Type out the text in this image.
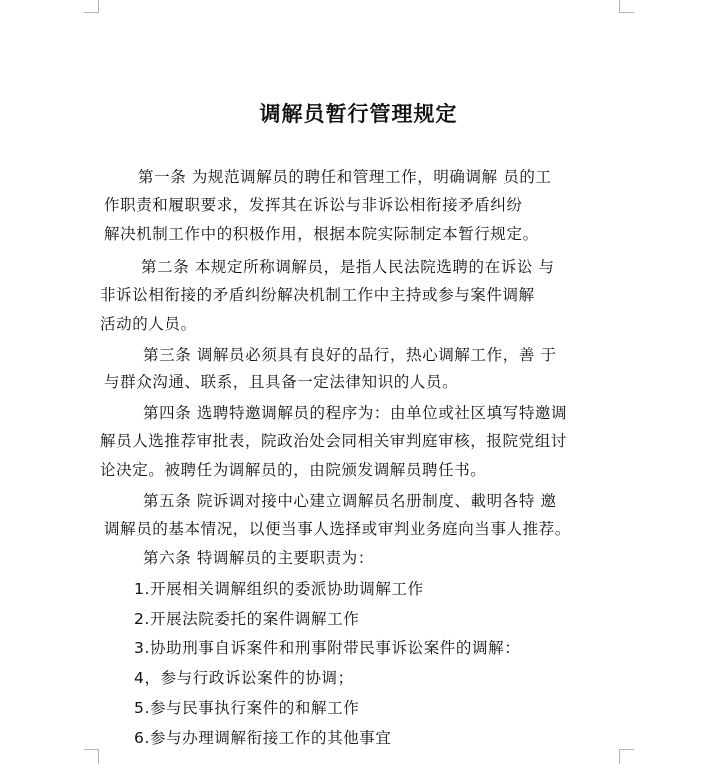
调解员暂行管理规定
第一条 为规范调解员的聘任和管理工作，明确调解 员的工
作职责和履职要求，发挥其在诉讼与非诉讼相衔接矛盾纠纷
解决机制工作中的积极作用，根据本院实际制定本暂行规定。
第二条 本规定所称调解员，是指人民法院选聘的在诉讼 与
非诉讼相衔接的矛盾纠纷解决机制工作中主持或参与案件调解
活动的人员。
第三条 调解员必须具有良好的品行，热心调解工作，善 于
与群众沟通、联系，且具备一定法律知识的人员。
第四条 选聘特邀调解员的程序为：由单位或社区填写特邀调
解员人选推荐审批表，院政治处会同相关审判庭审核，报院党组讨
论决定。被聘任为调解员的，由院颁发调解员聘任书。
第五条 院诉调对接中心建立调解员名册制度、載明各特 邀
调解员的基本情况，以便当事人选择或审判业务庭向当事人推荐。
第六条 特调解员的主要职责为：
1.开展相关调解组织的委派协助调解工作
2.开展法院委托的案件调解工作
3.协助刑事自诉案件和刑事附带民事诉讼案件的调解：
4，参与行政诉讼案件的协调；
5.参与民事执行案件的和解工作
6.参与办理调解衔接工作的其他事宜
